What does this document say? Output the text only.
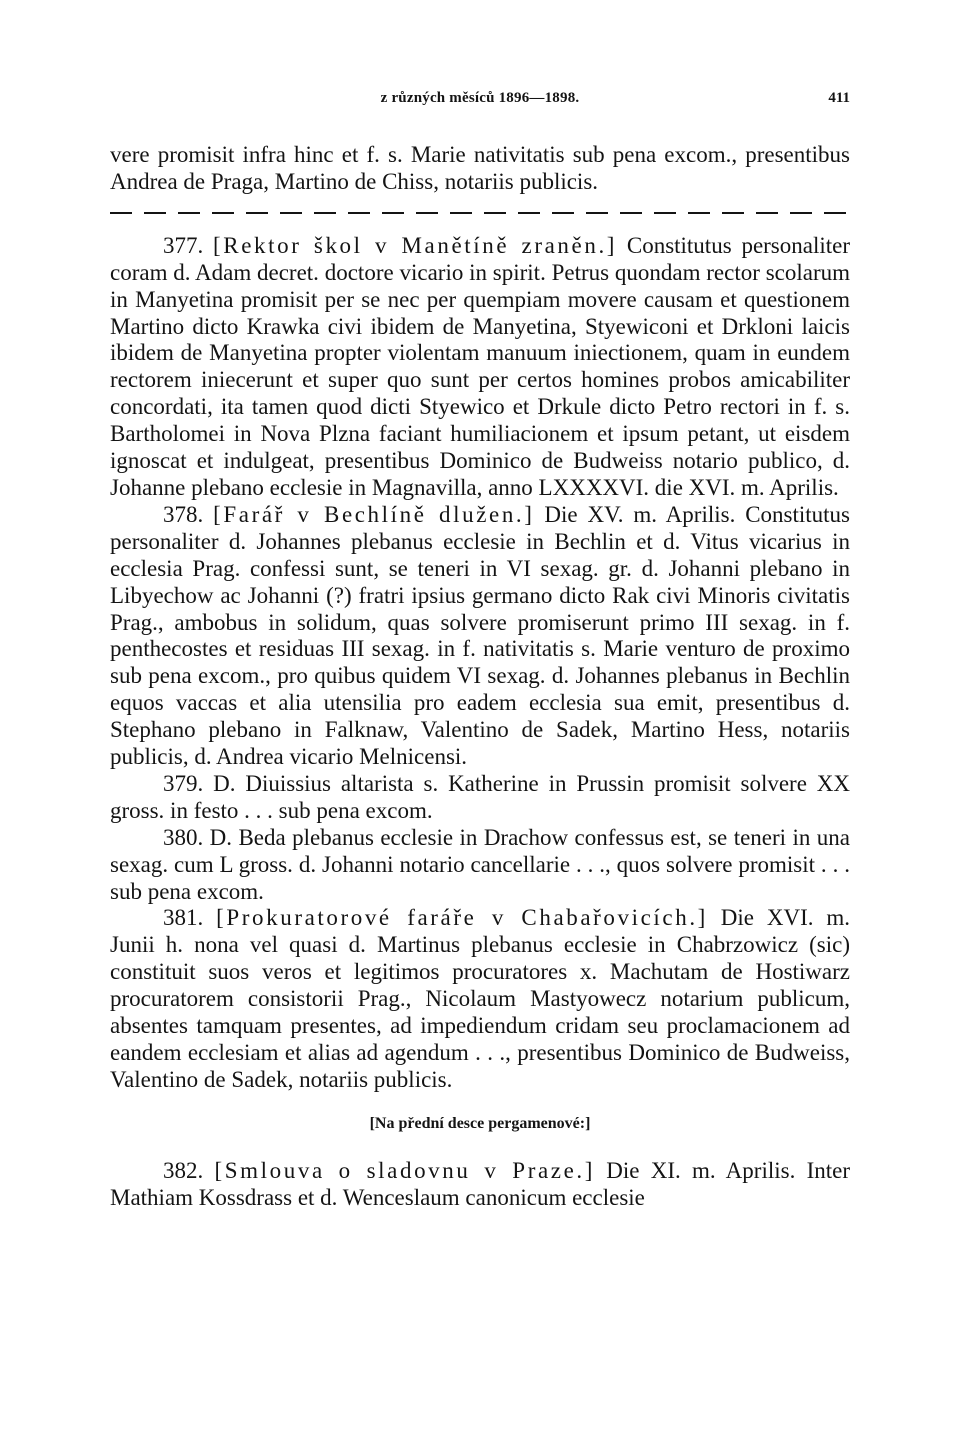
z různých měsíců 1896—1898.	411

vere promisit infra hinc et f. s. Marie nativitatis sub pena excom., presentibus Andrea de Praga, Martino de Chiss, notariis publicis.

377. [Rektor škol v Manětíně zraněn.] Constitutus personaliter coram d. Adam decret. doctore vicario in spirit. Petrus quondam rector scolarum in Manyetina promisit per se nec per quempiam movere causam et questionem Martino dicto Krawka civi ibidem de Manyetina, Styewiconi et Drkloni laicis ibidem de Manyetina propter violentam manuum iniectionem, quam in eundem rectorem iniecerunt et super quo sunt per certos homines probos amicabiliter concordati, ita tamen quod dicti Styewico et Drkule dicto Petro rectori in f. s. Bartholomei in Nova Plzna faciant humiliacionem et ipsum petant, ut eisdem ignoscat et indulgeat, presentibus Dominico de Budweiss notario publico, d. Johanne plebano ecclesie in Magnavilla, anno LXXXXVI. die XVI. m. Aprilis.

378. [Farář v Bechlíně dlužen.] Die XV. m. Aprilis. Constitutus personaliter d. Johannes plebanus ecclesie in Bechlin et d. Vitus vicarius in ecclesia Prag. confessi sunt, se teneri in VI sexag. gr. d. Johanni plebano in Libyechow ac Johanni (?) fratri ipsius germano dicto Rak civi Minoris civitatis Prag., ambobus in solidum, quas solvere promiserunt primo III sexag. in f. penthecostes et residuas III sexag. in f. nativitatis s. Marie venturo de proximo sub pena excom., pro quibus quidem VI sexag. d. Johannes plebanus in Bechlin equos vaccas et alia utensilia pro eadem ecclesia sua emit, presentibus d. Stephano plebano in Falknaw, Valentino de Sadek, Martino Hess, notariis publicis, d. Andrea vicario Melnicensi.

379. D. Diuissius altarista s. Katherine in Prussin promisit solvere XX gross. in festo . . . sub pena excom.

380. D. Beda plebanus ecclesie in Drachow confessus est, se teneri in una sexag. cum L gross. d. Johanni notario cancellarie . . ., quos solvere promisit . . . sub pena excom.

381. [Prokuratorové faráře v Chabařovicích.] Die XVI. m. Junii h. nona vel quasi d. Martinus plebanus ecclesie in Chabrzowicz (sic) constituit suos veros et legitimos procuratores x. Machutam de Hostiwarz procuratorem consistorii Prag., Nicolaum Mastyowecz notarium publicum, absentes tamquam presentes, ad impediendum cridam seu proclamacionem ad eandem ecclesiam et alias ad agendum . . ., presentibus Dominico de Budweiss, Valentino de Sadek, notariis publicis.

[Na přední desce pergamenové:]

382. [Smlouva o sladovnu v Praze.] Die XI. m. Aprilis. Inter Mathiam Kossdrass et d. Wenceslaum canonicum ecclesie
